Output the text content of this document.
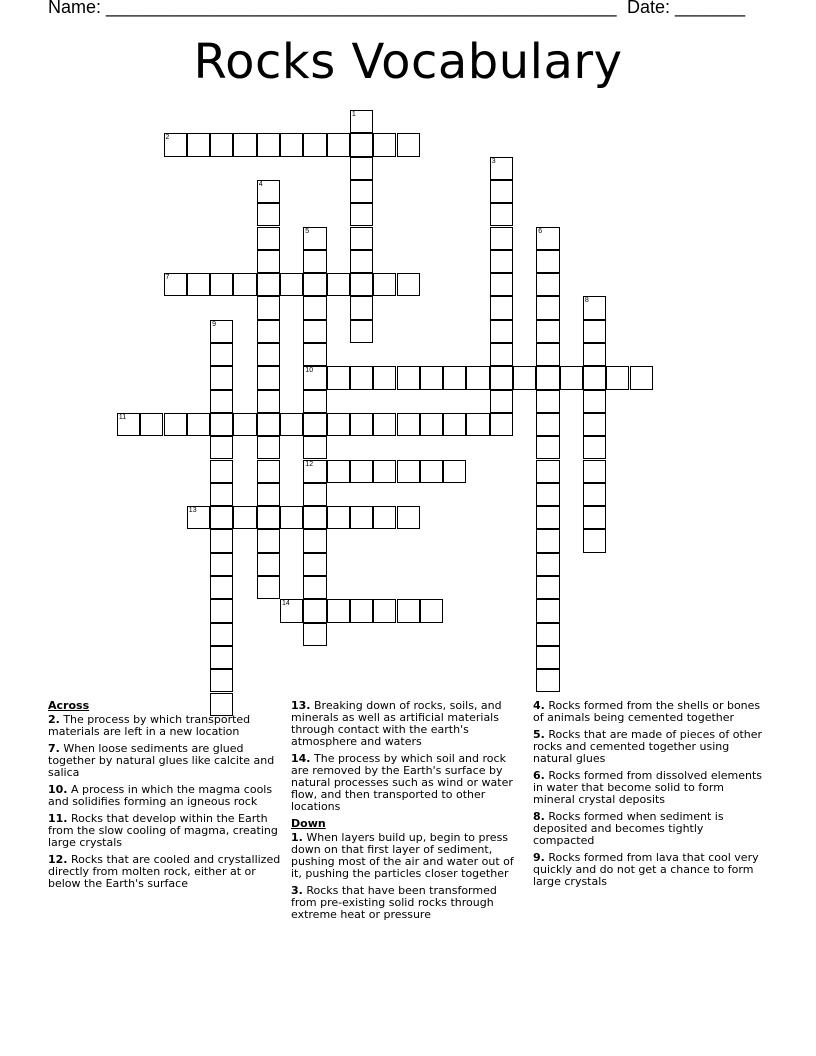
Name: ___________________________________________________ Date: _______
Rocks Vocabulary
1
2
3
4
5
10
12
6
7
8
9
11
13
14
Across
2. The process by which transported materials are left in a new location
7. When loose sediments are glued together by natural glues like calcite and salica
10. A process in which the magma cools and solidifies forming an igneous rock
11. Rocks that develop within the Earth from the slow cooling of magma, creating large crystals
12. Rocks that are cooled and crystallized directly from molten rock, either at or below the Earth's surface
13. Breaking down of rocks, soils, and minerals as well as artificial materials through contact with the earth's atmosphere and waters
14. The process by which soil and rock are removed by the Earth's surface by natural processes such as wind or water flow, and then transported to other locations
Down
1. When layers build up, begin to press down on that first layer of sediment, pushing most of the air and water out of it, pushing the particles closer together
3. Rocks that have been transformed from pre-existing solid rocks through extreme heat or pressure
4. Rocks formed from the shells or bones of animals being cemented together
5. Rocks that are made of pieces of other rocks and cemented together using natural glues
6. Rocks formed from dissolved elements in water that become solid to form mineral crystal deposits
8. Rocks formed when sediment is deposited and becomes tightly compacted
9. Rocks formed from lava that cool very quickly and do not get a chance to form large crystals
